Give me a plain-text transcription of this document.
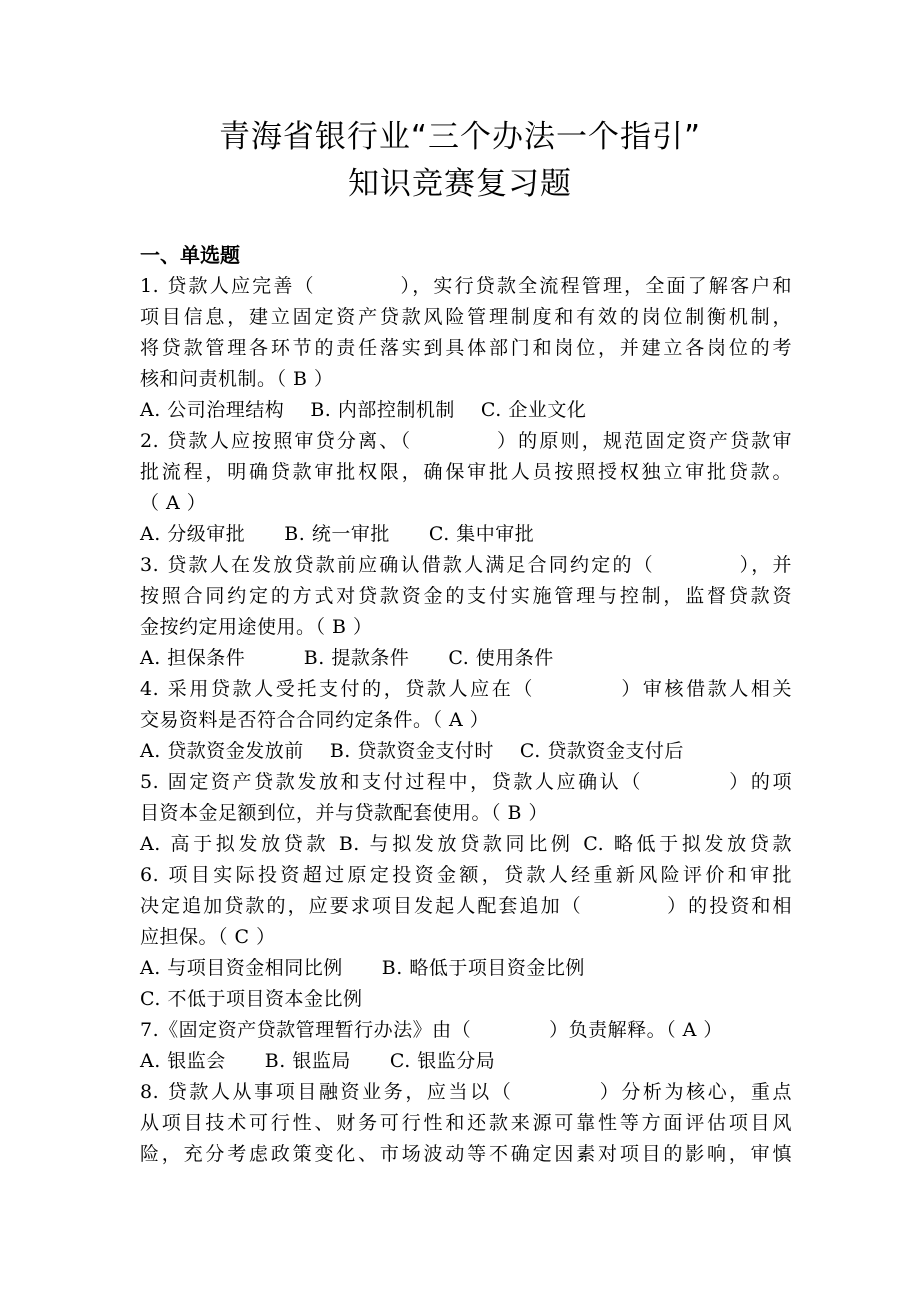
青海省银行业“三个办法一个指引”
知识竞赛复习题
一、单选题
1. 贷款人应完善（　　　　），实行贷款全流程管理，全面了解客户和
项目信息，建立固定资产贷款风险管理制度和有效的岗位制衡机制，
将贷款管理各环节的责任落实到具体部门和岗位，并建立各岗位的考
核和问责机制。（ B ）
A. 公司治理结构　 B. 内部控制机制　 C. 企业文化
2. 贷款人应按照审贷分离、（　　　　）的原则，规范固定资产贷款审
批流程，明确贷款审批权限，确保审批人员按照授权独立审批贷款。
（ A ）
A. 分级审批　　B. 统一审批　　C. 集中审批
3. 贷款人在发放贷款前应确认借款人满足合同约定的（　　　　），并
按照合同约定的方式对贷款资金的支付实施管理与控制，监督贷款资
金按约定用途使用。（ B ）
A. 担保条件　　　B. 提款条件　　C. 使用条件
4. 采用贷款人受托支付的，贷款人应在（　　　　）审核借款人相关
交易资料是否符合合同约定条件。（ A ）
A. 贷款资金发放前　 B. 贷款资金支付时　 C. 贷款资金支付后
5. 固定资产贷款发放和支付过程中，贷款人应确认（　　　　）的项
目资本金足额到位，并与贷款配套使用。（ B ）
A. 高于拟发放贷款 B. 与拟发放贷款同比例 C. 略低于拟发放贷款
6. 项目实际投资超过原定投资金额，贷款人经重新风险评价和审批
决定追加贷款的，应要求项目发起人配套追加（　　　　）的投资和相
应担保。（ C ）
A. 与项目资金相同比例　　B. 略低于项目资金比例
C. 不低于项目资本金比例
7.《固定资产贷款管理暂行办法》由（　　　　）负责解释。（ A ）
A. 银监会　　B. 银监局　　C. 银监分局
8. 贷款人从事项目融资业务，应当以（　　　　）分析为核心，重点
从项目技术可行性、财务可行性和还款来源可靠性等方面评估项目风
险，充分考虑政策变化、市场波动等不确定因素对项目的影响，审慎
